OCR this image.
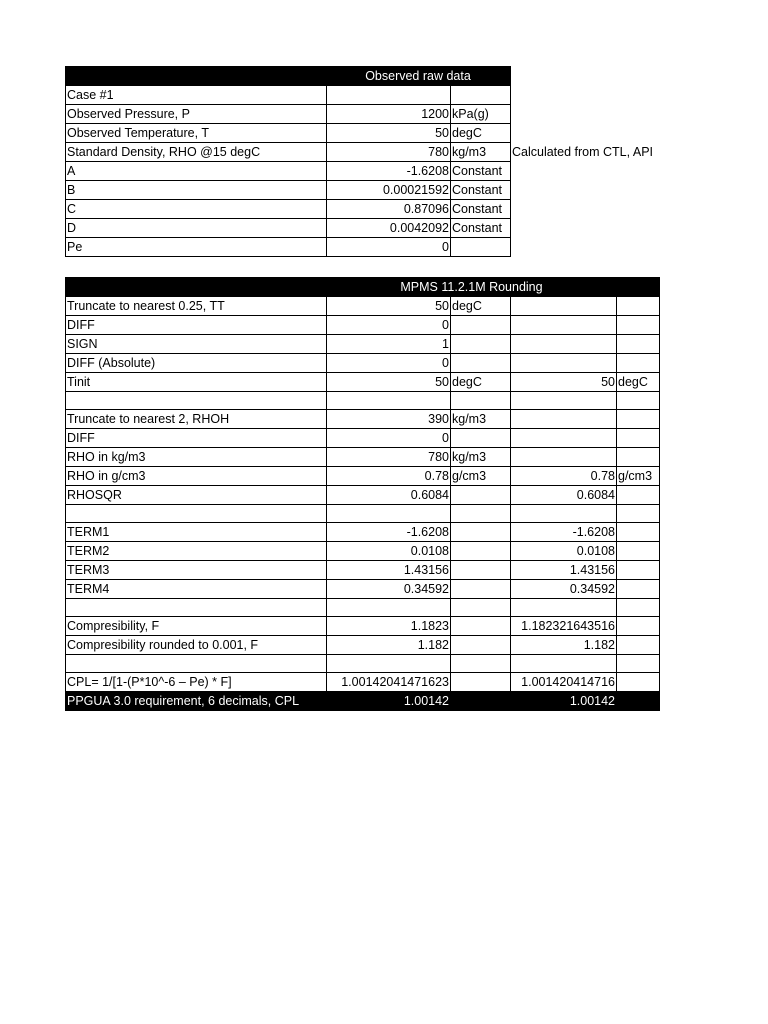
	Observed raw data		
Case #1			
Observed Pressure, P	1200	kPa(g)	
Observed Temperature, T	50	degC	
Standard Density, RHO @15 degC	780	kg/m3	Calculated from CTL, API
A	-1.6208	Constant	
B	0.00021592	Constant	
C	0.87096	Constant	
D	0.0042092	Constant	
Pe	0		
	MPMS 11.2.1M Rounding			
Truncate to nearest 0.25, TT	50	degC		
DIFF	0			
SIGN	1			
DIFF (Absolute)	0			
Tinit	50	degC	50	degC

Truncate to nearest 2, RHOH	390	kg/m3		
DIFF	0			
RHO in kg/m3	780	kg/m3		
RHO in g/cm3	0.78	g/cm3	0.78	g/cm3
RHOSQR	0.6084		0.6084	

TERM1	-1.6208		-1.6208	
TERM2	0.0108		0.0108	
TERM3	1.43156		1.43156	
TERM4	0.34592		0.34592	

Compresibility, F	1.1823		1.182321643516	
Compresibility rounded to 0.001, F	1.182		1.182	

CPL= 1/[1-(P*10^-6 – Pe) * F]	1.00142041471623		1.001420414716	
PPGUA 3.0 requirement, 6 decimals, CPL	1.00142		1.00142	
